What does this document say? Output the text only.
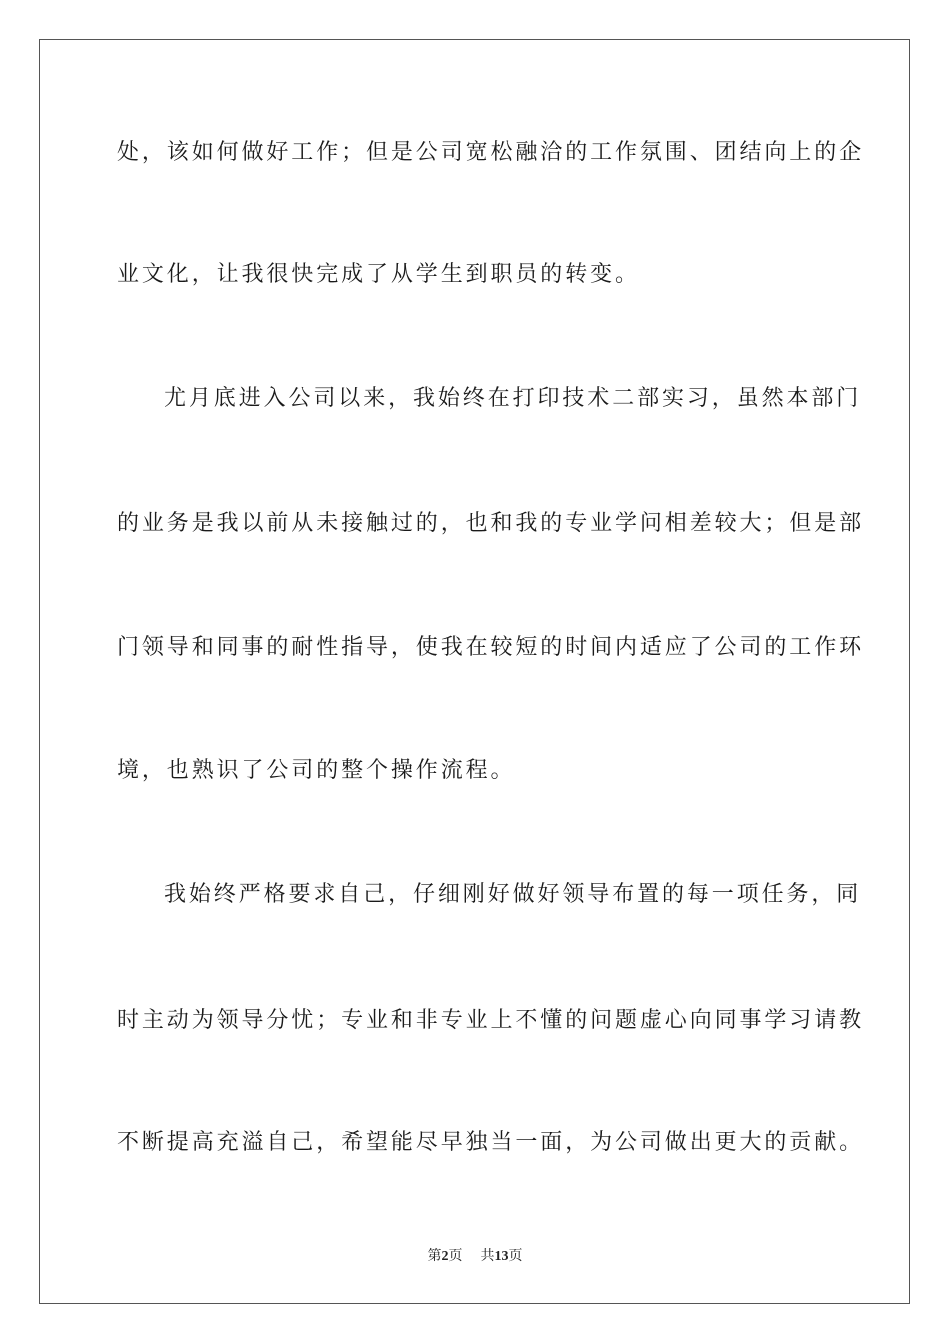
处，该如何做好工作；但是公司宽松融洽的工作氛围、团结向上的企
业文化，让我很快完成了从学生到职员的转变。
尤月底进入公司以来，我始终在打印技术二部实习，虽然本部门
的业务是我以前从未接触过的，也和我的专业学问相差较大；但是部
门领导和同事的耐性指导，使我在较短的时间内适应了公司的工作环
境，也熟识了公司的整个操作流程。
我始终严格要求自己，仔细刚好做好领导布置的每一项任务，同
时主动为领导分忧；专业和非专业上不懂的问题虚心向同事学习请教
不断提高充溢自己，希望能尽早独当一面，为公司做出更大的贡献。
第2页 共13页
